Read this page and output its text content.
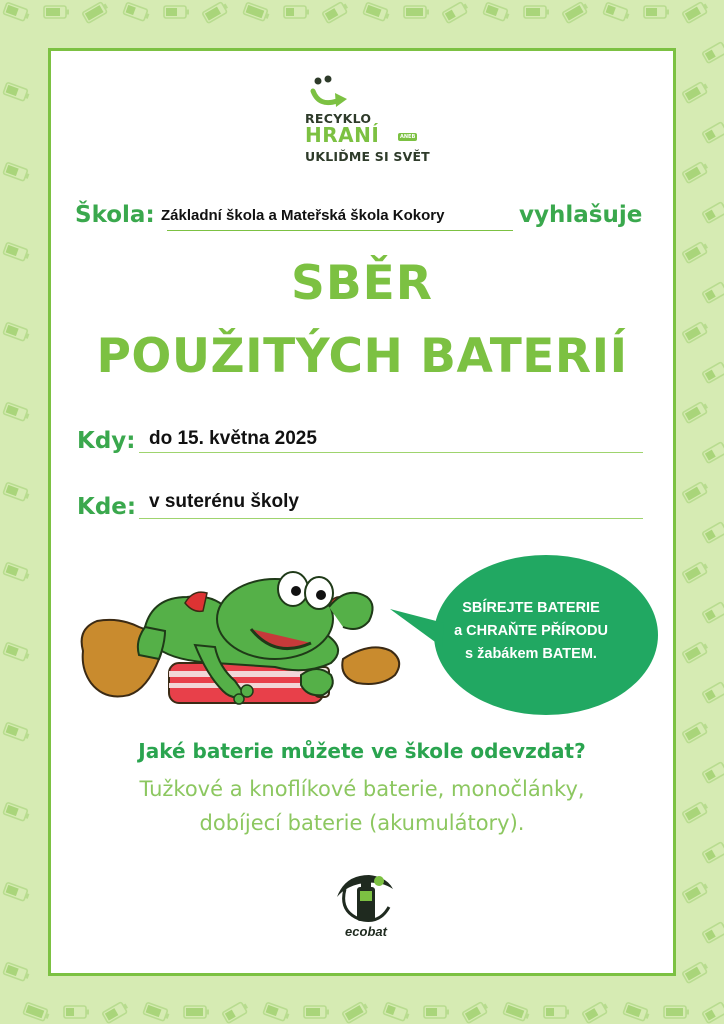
RECYKLO
HRANÍ	ANEB
UKLIĎME SI SVĚT
Škola: Základní škola a Mateřská škola Kokory	vyhlašuje
SBĚR
POUŽITÝCH BATERIÍ
Kdy: do 15. května 2025
Kde: v suterénu školy
SBÍREJTE BATERIE
a CHRAŇTE PŘÍRODU
s žabákem BATEM.
Jaké baterie můžete ve škole odevzdat?
Tužkové a knoflíkové baterie, monočlánky,
dobíjecí baterie (akumulátory).
ecobat
